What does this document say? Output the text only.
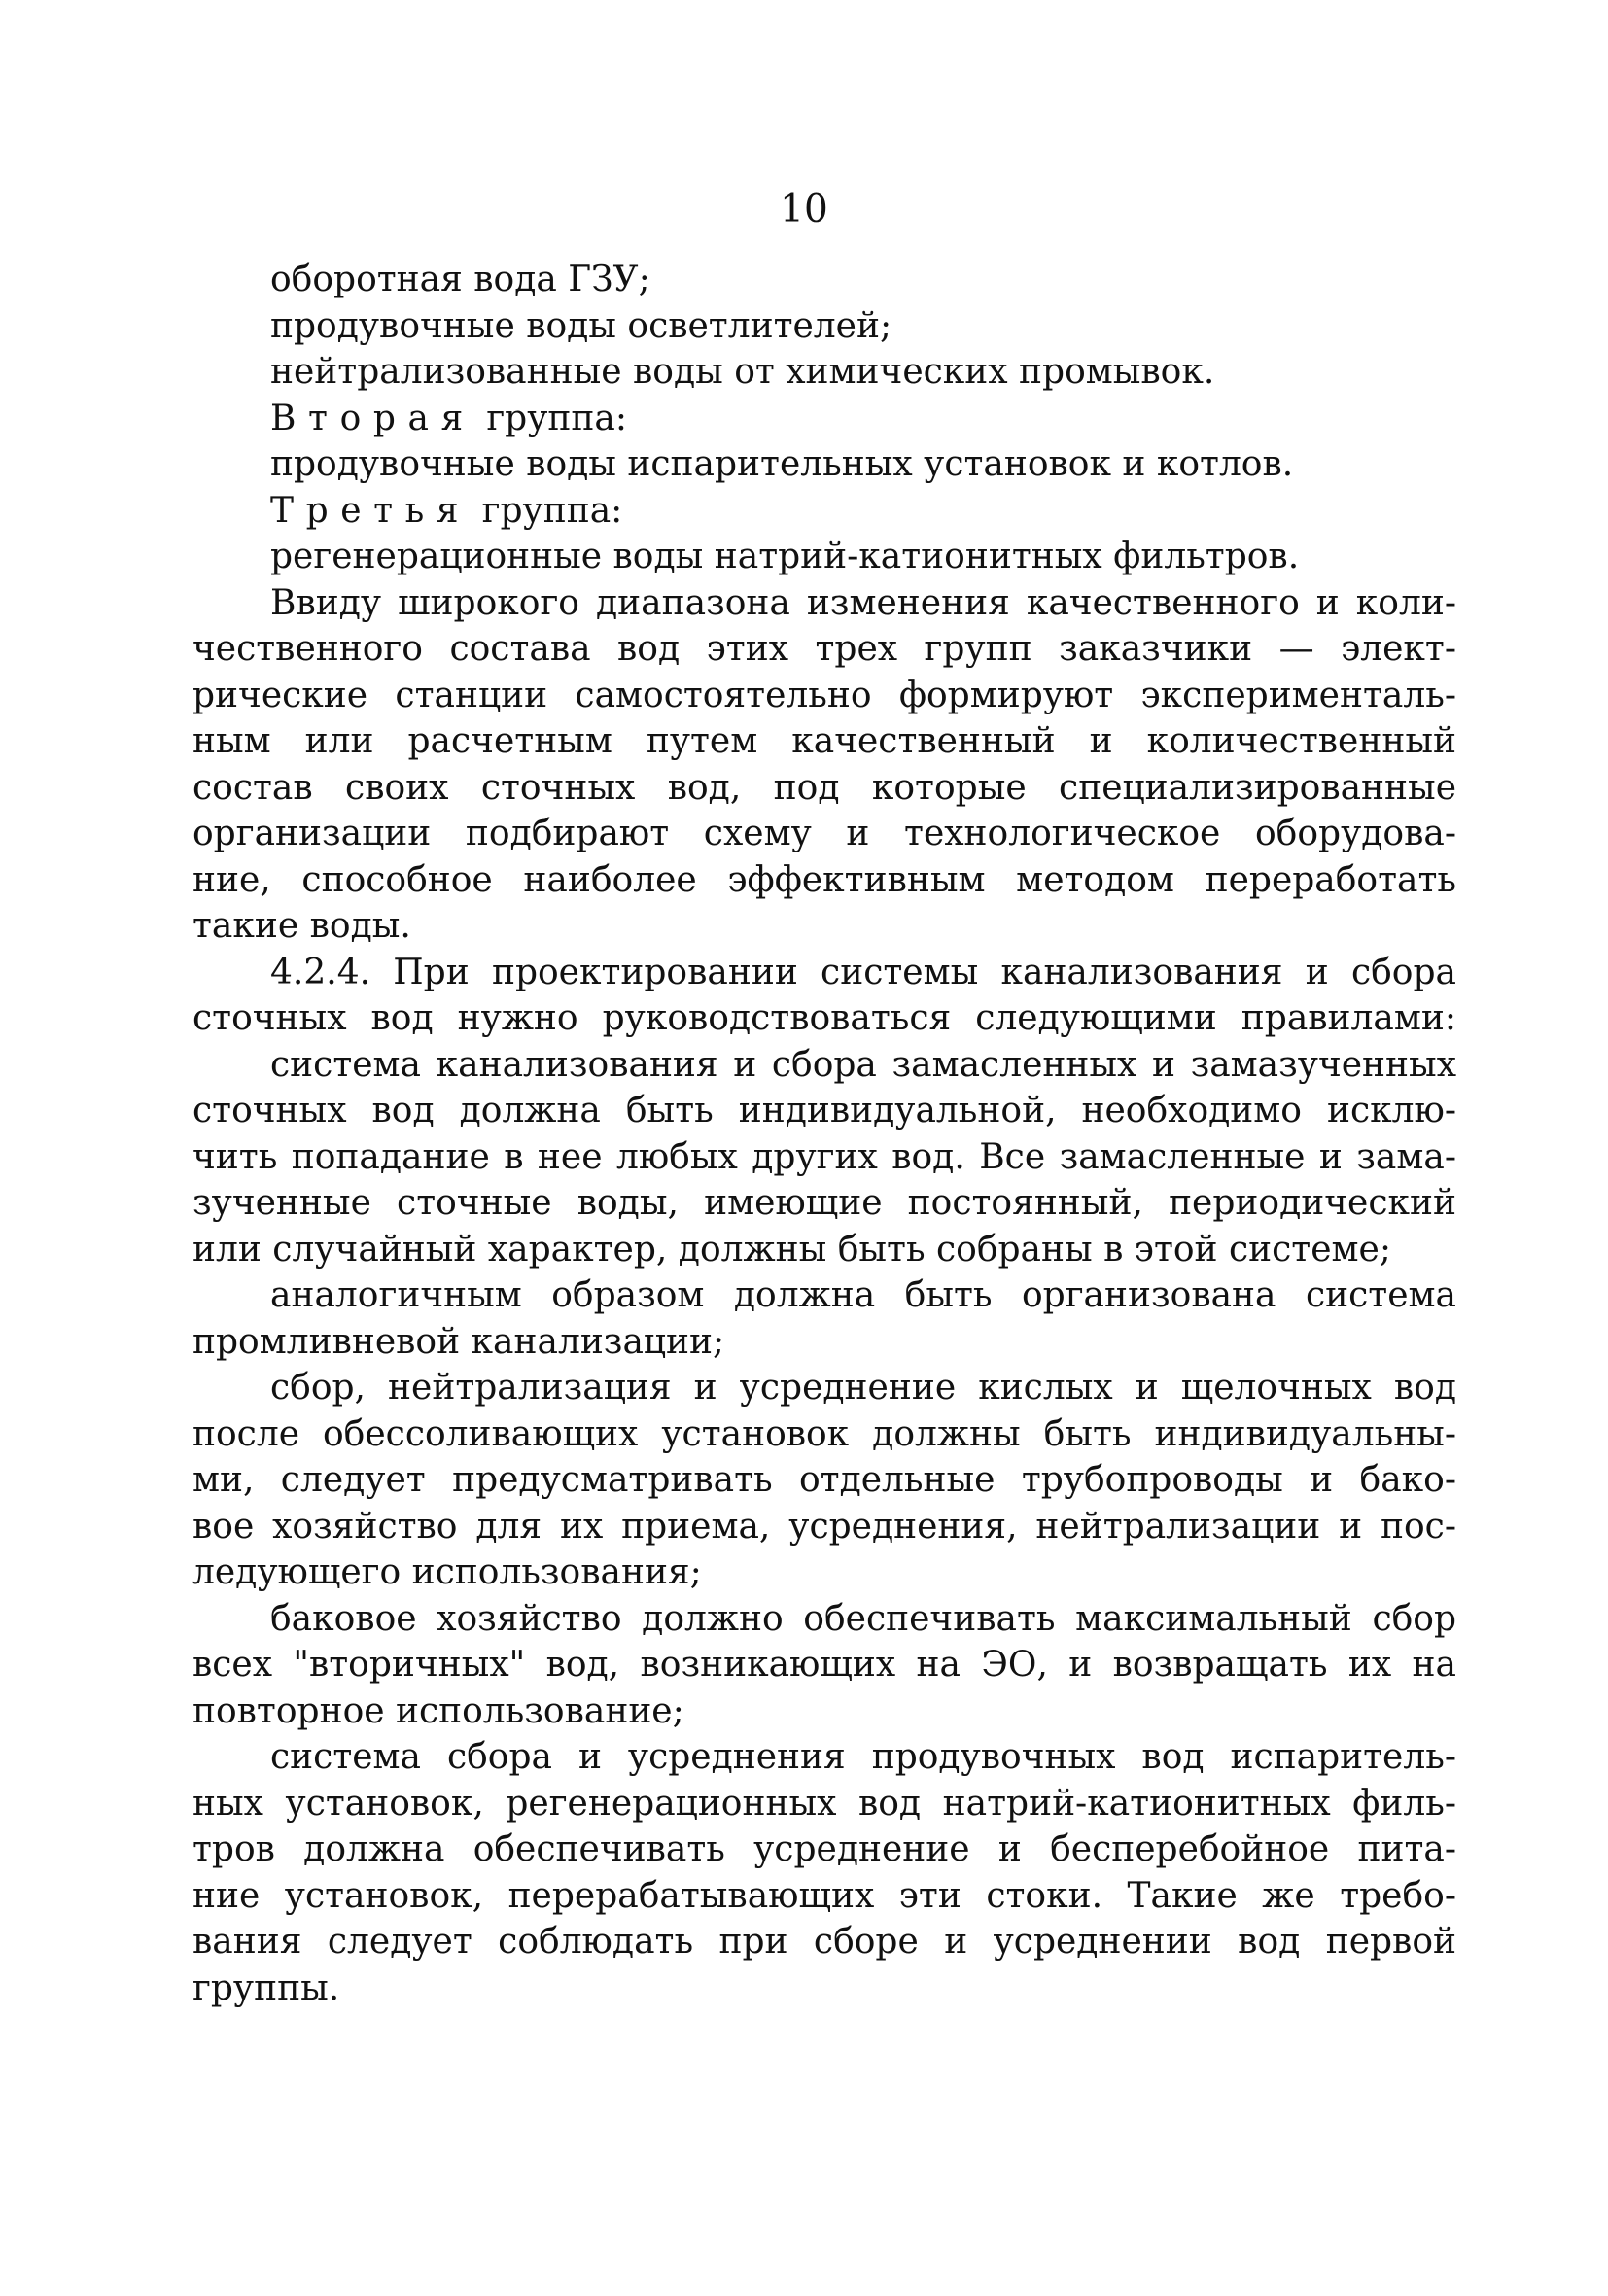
10
оборотная вода ГЗУ;
продувочные воды осветлителей;
нейтрализованные воды от химических промывок.
Вторая группа:
продувочные воды испарительных установок и котлов.
Третья группа:
регенерационные воды натрий-катионитных фильтров.
Ввиду широкого диапазона изменения качественного и коли-
чественного состава вод этих трех групп заказчики — элект-
рические станции самостоятельно формируют эксперименталь-
ным или расчетным путем качественный и количественный
состав своих сточных вод, под которые специализированные
организации подбирают схему и технологическое оборудова-
ние, способное наиболее эффективным методом переработать
такие воды.
4.2.4. При проектировании системы канализования и сбора
сточных вод нужно руководствоваться следующими правилами:
система канализования и сбора замасленных и замазученных
сточных вод должна быть индивидуальной, необходимо исклю-
чить попадание в нее любых других вод. Все замасленные и зама-
зученные сточные воды, имеющие постоянный, периодический
или случайный характер, должны быть собраны в этой системе;
аналогичным образом должна быть организована система
промливневой канализации;
сбор, нейтрализация и усреднение кислых и щелочных вод
после обессоливающих установок должны быть индивидуальны-
ми, следует предусматривать отдельные трубопроводы и бако-
вое хозяйство для их приема, усреднения, нейтрализации и пос-
ледующего использования;
баковое хозяйство должно обеспечивать максимальный сбор
всех "вторичных" вод, возникающих на ЭО, и возвращать их на
повторное использование;
система сбора и усреднения продувочных вод испаритель-
ных установок, регенерационных вод натрий-катионитных филь-
тров должна обеспечивать усреднение и бесперебойное пита-
ние установок, перерабатывающих эти стоки. Такие же требо-
вания следует соблюдать при сборе и усреднении вод первой
группы.
